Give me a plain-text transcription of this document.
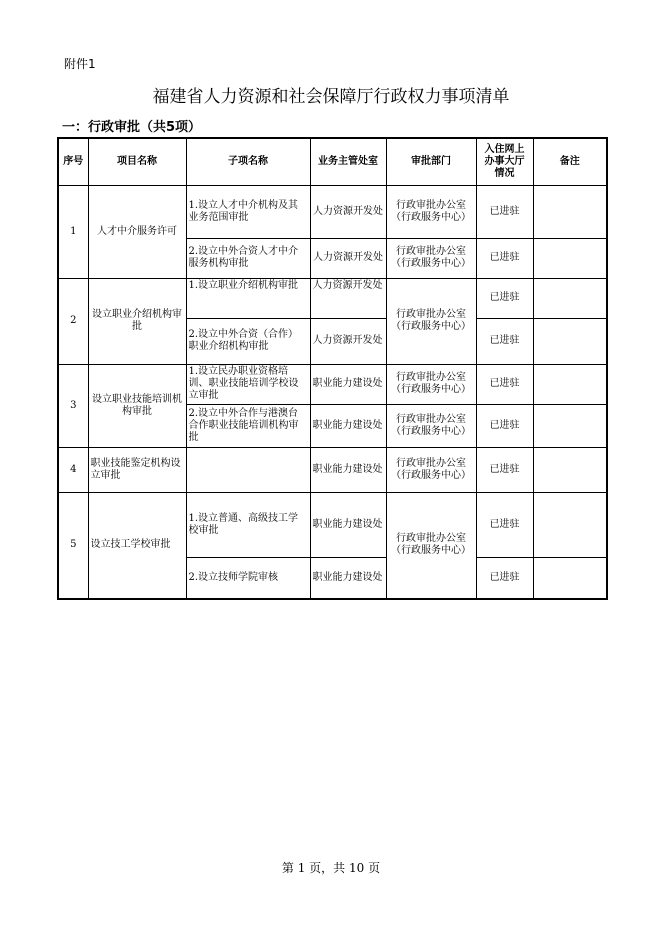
附件1
福建省人力资源和社会保障厅行政权力事项清单
一：行政审批（共5项）
序号	项目名称	子项名称	业务主管处室	审批部门	入住网上
办事大厅
情况	备注
1	人才中介服务许可	1.设立人才中介机构及其业务范围审批	人力资源开发处	行政审批办公室（行政服务中心）	已进驻	
		2.设立中外合资人才中介服务机构审批	人力资源开发处	行政审批办公室（行政服务中心）	已进驻	
2	设立职业介绍机构审批	1.设立职业介绍机构审批	人力资源开发处	行政审批办公室（行政服务中心）	已进驻	
		2.设立中外合资（合作）职业介绍机构审批	人力资源开发处		已进驻	
3	设立职业技能培训机构审批	1.设立民办职业资格培训、职业技能培训学校设立审批	职业能力建设处	行政审批办公室（行政服务中心）	已进驻	
		2.设立中外合作与港澳台合作职业技能培训机构审批	职业能力建设处	行政审批办公室（行政服务中心）	已进驻	
4	职业技能鉴定机构设立审批		职业能力建设处	行政审批办公室（行政服务中心）	已进驻	
5	设立技工学校审批	1.设立普通、高级技工学校审批	职业能力建设处	行政审批办公室（行政服务中心）	已进驻	
		2.设立技师学院审核	职业能力建设处		已进驻	
第 1 页，共 10 页
